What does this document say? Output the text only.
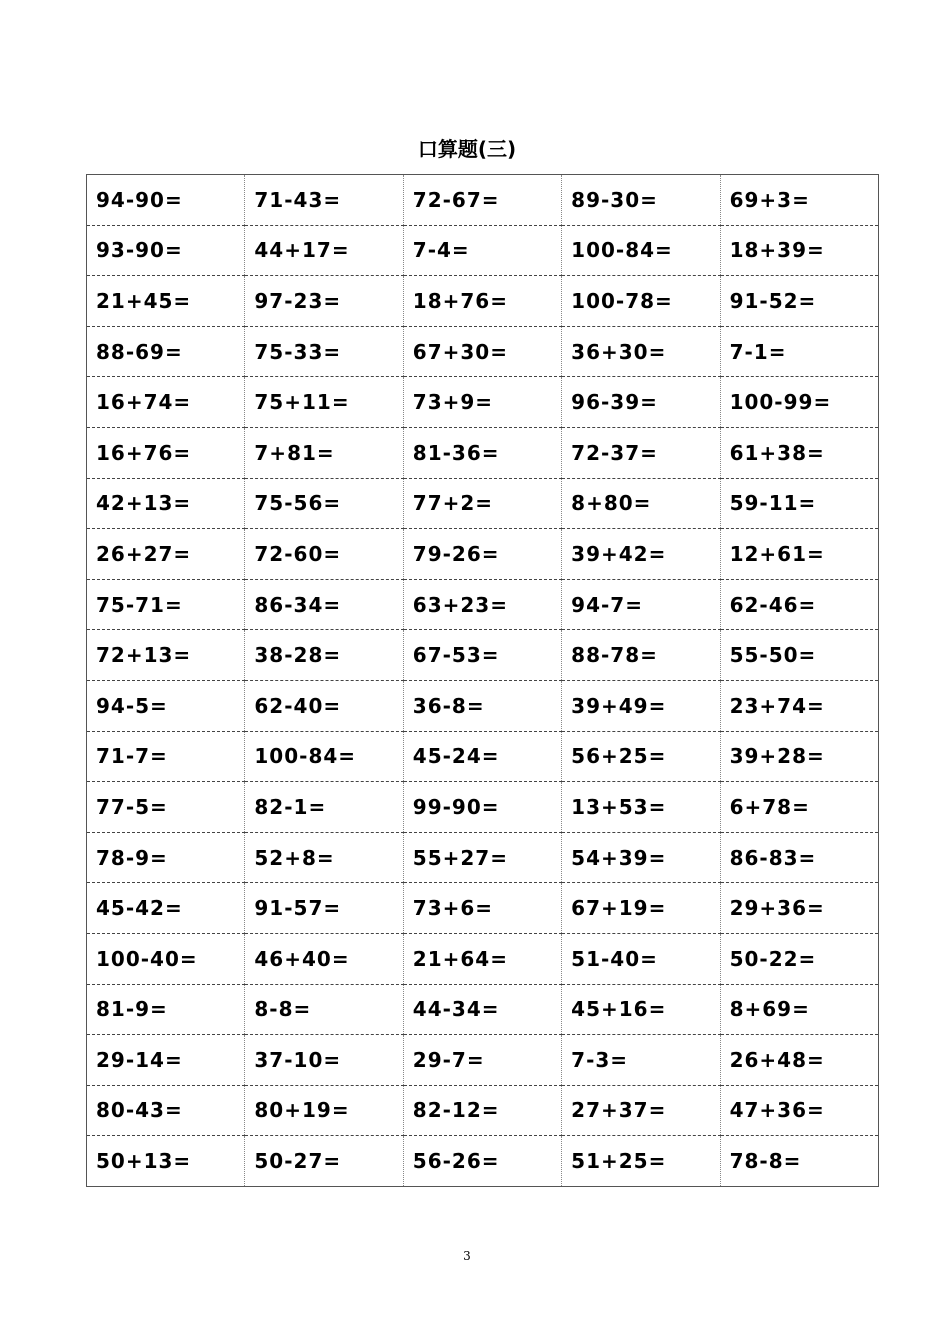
口算题(三)
94-90=	71-43=	72-67=	89-30=	69+3=
93-90=	44+17=	7-4=	100-84=	18+39=
21+45=	97-23=	18+76=	100-78=	91-52=
88-69=	75-33=	67+30=	36+30=	7-1=
16+74=	75+11=	73+9=	96-39=	100-99=
16+76=	7+81=	81-36=	72-37=	61+38=
42+13=	75-56=	77+2=	8+80=	59-11=
26+27=	72-60=	79-26=	39+42=	12+61=
75-71=	86-34=	63+23=	94-7=	62-46=
72+13=	38-28=	67-53=	88-78=	55-50=
94-5=	62-40=	36-8=	39+49=	23+74=
71-7=	100-84=	45-24=	56+25=	39+28=
77-5=	82-1=	99-90=	13+53=	6+78=
78-9=	52+8=	55+27=	54+39=	86-83=
45-42=	91-57=	73+6=	67+19=	29+36=
100-40=	46+40=	21+64=	51-40=	50-22=
81-9=	8-8=	44-34=	45+16=	8+69=
29-14=	37-10=	29-7=	7-3=	26+48=
80-43=	80+19=	82-12=	27+37=	47+36=
50+13=	50-27=	56-26=	51+25=	78-8=
3
